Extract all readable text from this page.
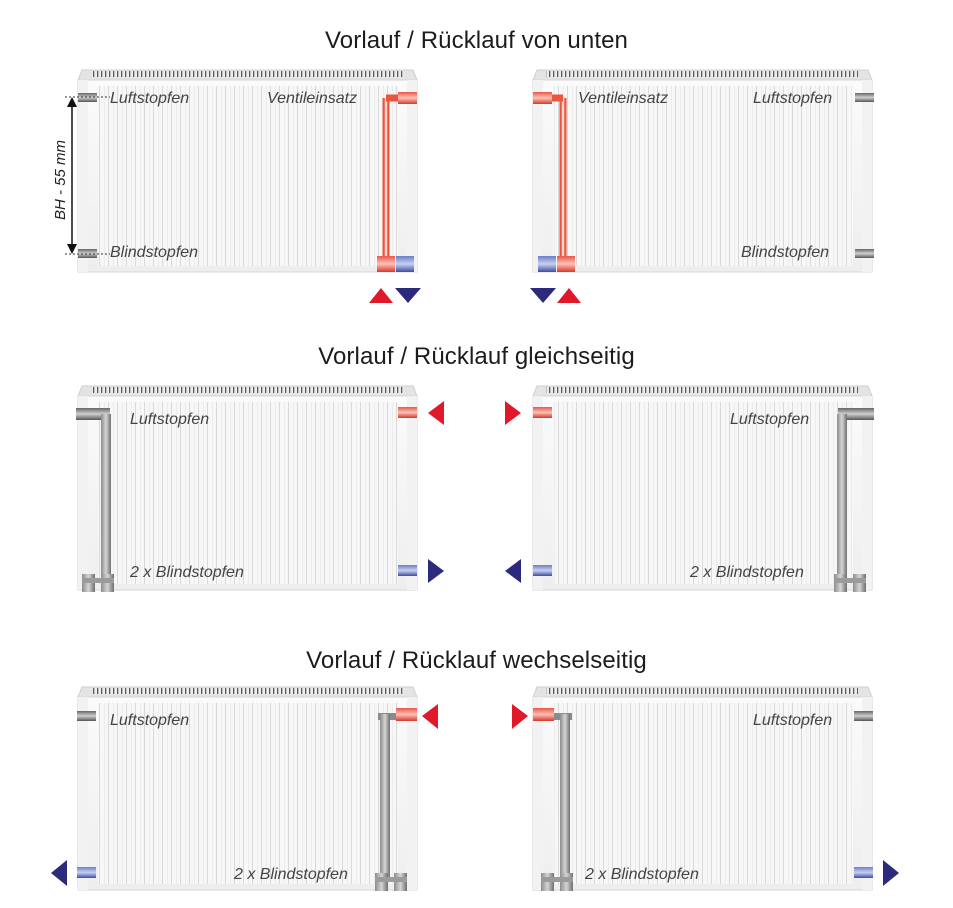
Vorlauf / Rücklauf von unten
Luftstopfen	Ventileinsatz
Blindstopfen
BH - 55 mm
Ventileinsatz	Luftstopfen
Blindstopfen
Vorlauf / Rücklauf gleichseitig
Luftstopfen
2 x Blindstopfen
Luftstopfen
2 x Blindstopfen
Vorlauf / Rücklauf wechselseitig
Luftstopfen
2 x Blindstopfen
Luftstopfen
2 x Blindstopfen
